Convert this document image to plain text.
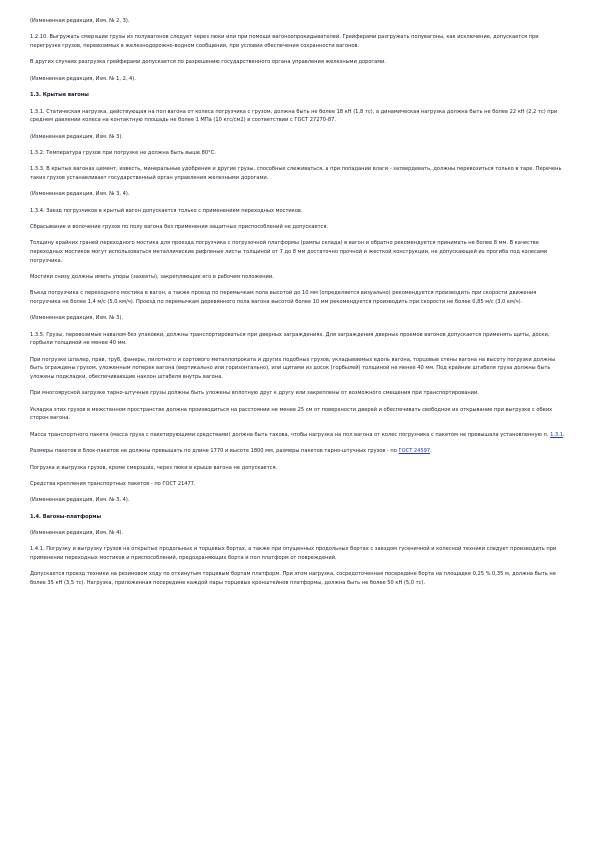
(Измененная редакция, Изм. № 2, 3).

1.2.10. Выгружать смерзшие грузы из полувагонов следует через люки или при помощи вагоноопрокидывателей. Грейферами разгружать полувагоны, как исключение, допускается при перегрузке грузов, перевозимых в железнодорожно-водном сообщении, при условии обеспечения сохранности вагонов.

В других случаях разгрузка грейферами допускается по разрешению государственного органа управления железными дорогами.

(Измененная редакция, Изм. № 1, 2, 4).

1.3. Крытые вагоны

1.3.1. Статическая нагрузка, действующая на пол вагона от колеса погрузчика с грузом, должна быть не более 18 кН (1,8 тс), а динамическая нагрузка должна быть не более 22 кН (2,2 тс) при среднем давлении колеса на контактную площадь не более 1 МПа (10 кгс/см2) в соответствии с ГОСТ 27270-87.

(Измененная редакция, Изм. № 3).

1.3.2. Температура грузов при погрузке не должна быть выше 80°С.

1.3.3. В крытых вагонах цемент, известь, минеральные удобрения и другие грузы, способные слеживаться, а при попадании влаги - затвердевать, должны перевозиться только в таре. Перечень таких грузов устанавливает государственный орган управления железными дорогами.

(Измененная редакция, Изм. № 3, 4).

1.3.4. Заезд погрузчиков в крытый вагон допускается только с применением переходных мостиков.

Сбрасывание и волочение грузов по полу вагона без применения защитных приспособлений не допускается.

Толщину крайних граней переходного мостика для проезда погрузчика с погрузочной платформы (рампы склада) в вагон и обратно рекомендуется принимать не более 8 мм. В качестве переходных мостиков могут использоваться металлические рифленые листы толщиной от 7 до 8 мм достаточно прочной и жесткой конструкции, не допускающей их прогиба под колесами погрузчика.

Мостики снизу должны иметь упоры (захваты), закрепляющие его в рабочем положении.

Въезд погрузчика с переходного мостика в вагон, а также проезд по перемычкам пола высотой до 10 мм (определяется визуально) рекомендуется производить при скорости движения погрузчика не более 1,4 м/с (5,0 км/ч). Проезд по перемычкам деревянного пола вагона высотой более 10 мм рекомендуется производить при скорости не более 0,85 м/с (3,0 км/ч).

(Измененная редакция, Изм. № 3).

1.3.5. Грузы, перевозимые навалом без упаковки, должны транспортироваться при дверных заграждениях. Для заграждения дверных проемов вагонов допускается применять щиты, доски, горбыли толщиной не менее 40 мм.

При погрузке шпалер, прав, труб, фанеры, пилотного и сортового металлопроката и других подобных грузов, укладываемых вдоль вагона, торцовые стены вагона на высоту погрузки должны быть ограждены грузом, уложенным поперек вагона (вертикально или горизонтально), или щитами из досок (горбылей) толщиной не менее 40 мм. Под крайние штабеля груза должны быть уложены подкладки, обеспечивающие наклон штабеля внутрь вагона.

При многоярусной загрузке тарно-штучные грузы должны быть уложены вплотную друг к другу или закреплены от возможного смещения при транспортировании.

Укладка этих грузов в межстенном пространстве должна производиться на расстоянии не менее 25 см от поверхности дверей и обеспечивать свободное их открывание при выгрузке с обеих сторон вагона.

Масса транспортного пакета (масса груза с пакетирующими средствами) должна быть такова, чтобы нагрузка на пол вагона от колес погрузчика с пакетом не превышала установленную п. 1.3.1.

Размеры пакетов в блок-пакетов не должны превышать по длине 1770 и высоте 1800 мм, размеры пакетов тарно-штучных грузов - по ГОСТ 24597.

Погрузка и выгрузка грузов, кроме смерзших, через люки в крыше вагона не допускается.

Средства крепления транспортных пакетов - по ГОСТ 21477.

(Измененная редакция, Изм. № 3, 4).

1.4. Вагоны-платформы

(Измененная редакция, Изм. № 4).

1.4.1. Погрузку и выгрузку грузов на открытых продольных и торцевых бортах, а также при опущенных продольных бортах с заездом гусеничной и колесной техники следует производить при применении переходных мостиков и приспособлений, предохраняющих борта и пол платформ от повреждений.

Допускается проезд техники на резиновом ходу по откинутым торцевым бортам платформ. При этом нагрузка, сосредоточенная посередине борта на площадке 0,25 % 0,35 м, должна быть не более 35 кН (3,5 тс). Нагрузка, приложенная посередине каждой пары торцевых кронштейнов платформы, должна быть не более 50 кН (5,0 тс).
